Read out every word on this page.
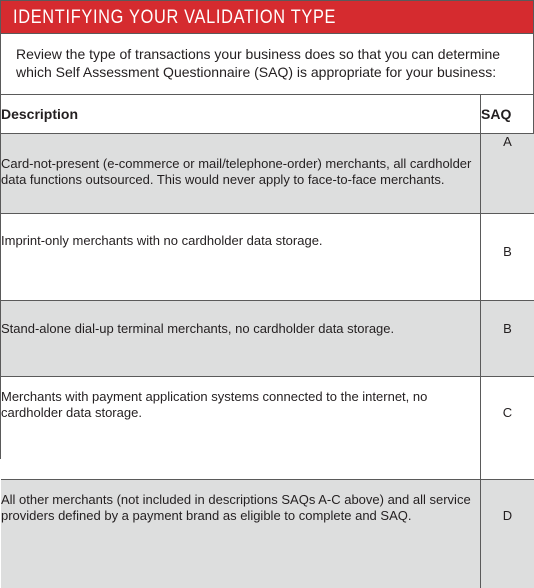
IDENTIFYING YOUR VALIDATION TYPE
Review the type of transactions your business does so that you can determine which Self Assessment Questionnaire (SAQ) is appropriate for your business:
Description	SAQ
Card-not-present (e-commerce or mail/telephone-order) merchants, all cardholder data functions outsourced. This would never apply to face-to-face merchants.	A
Imprint-only merchants with no cardholder data storage.	B
Stand-alone dial-up terminal merchants, no cardholder data storage.	B
Merchants with payment application systems connected to the internet, no cardholder data storage.	C
All other merchants (not included in descriptions SAQs A-C above) and all service providers defined by a payment brand as eligible to complete and SAQ.	D
